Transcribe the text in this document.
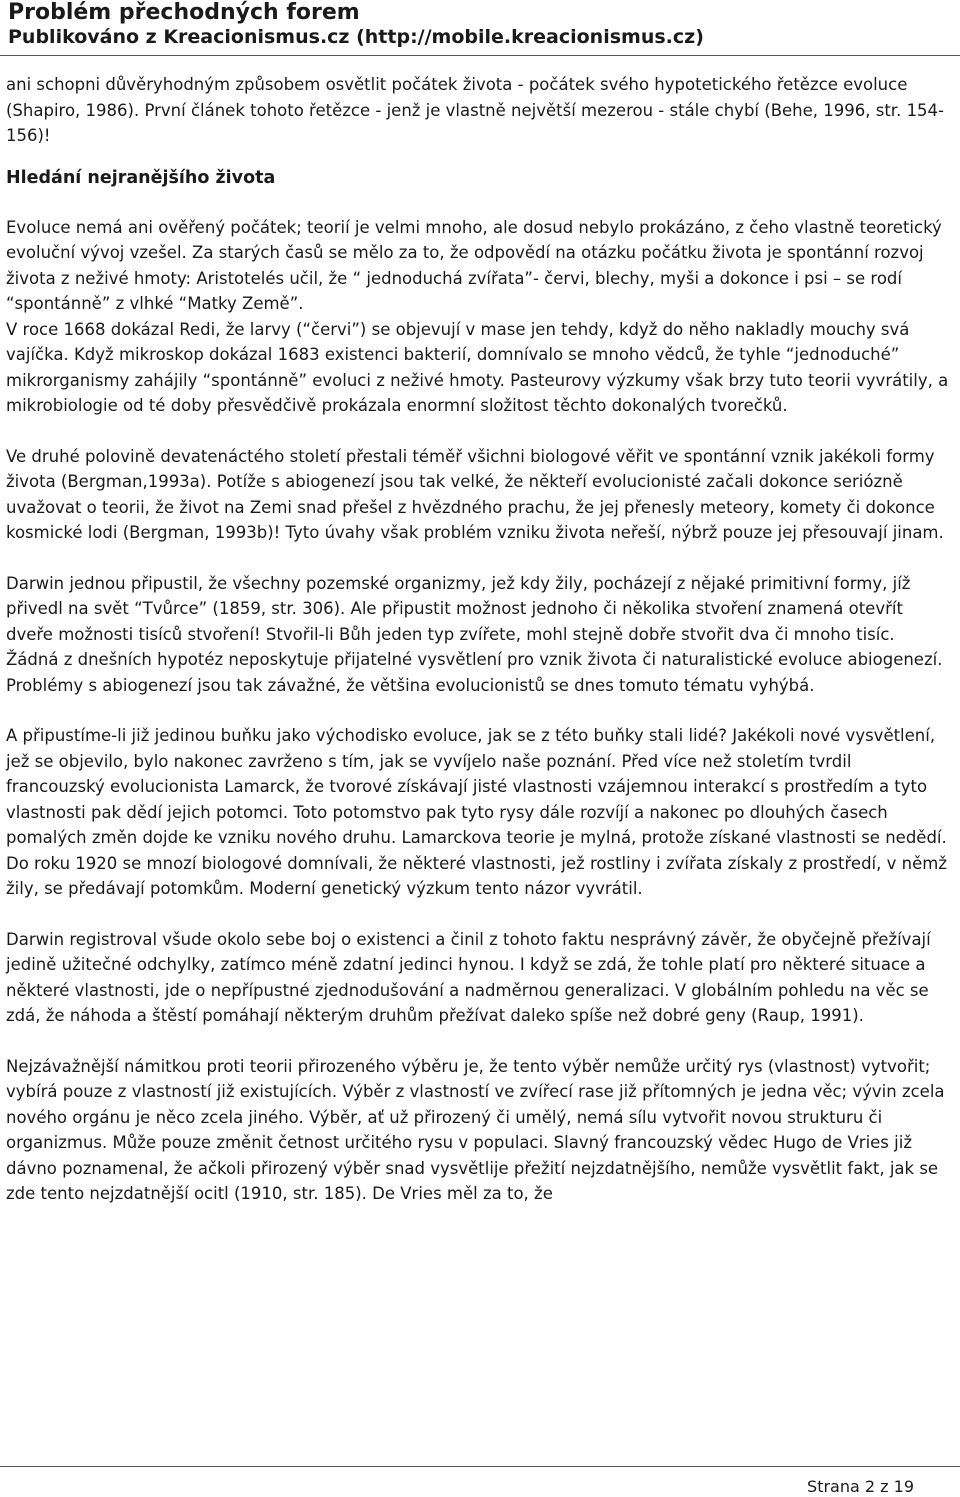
Problém přechodných forem
Publikováno z Kreacionismus.cz (http://mobile.kreacionismus.cz)

ani schopni důvěryhodným způsobem osvětlit počátek života - počátek svého hypotetického řetězce evoluce (Shapiro, 1986). První článek tohoto řetězce - jenž je vlastně největší mezerou - stále chybí (Behe, 1996, str. 154-156)!

Hledání nejranějšího života

Evoluce nemá ani ověřený počátek; teorií je velmi mnoho, ale dosud nebylo prokázáno, z čeho vlastně teoretický evoluční vývoj vzešel. Za starých časů se mělo za to, že odpovědí na otázku počátku života je spontánní rozvoj života z neživé hmoty: Aristotelés učil, že “ jednoduchá zvířata”- červi, blechy, myši a dokonce i psi – se rodí “spontánně” z vlhké “Matky Země”.

V roce 1668 dokázal Redi, že larvy (“červi”) se objevují v mase jen tehdy, když do něho nakladly mouchy svá vajíčka. Když mikroskop dokázal 1683 existenci bakterií, domnívalo se mnoho vědců, že tyhle “jednoduché” mikrorganismy zahájily “spontánně” evoluci z neživé hmoty. Pasteurovy výzkumy však brzy tuto teorii vyvrátily, a mikrobiologie od té doby přesvědčivě prokázala enormní složitost těchto dokonalých tvorečků.

Ve druhé polovině devatenáctého století přestali téměř všichni biologové věřit ve spontánní vznik jakékoli formy života (Bergman,1993a). Potíže s abiogenezí jsou tak velké, že někteří evolucionisté začali dokonce seriózně uvažovat o teorii, že život na Zemi snad přešel z hvězdného prachu, že jej přenesly meteory, komety či dokonce kosmické lodi (Bergman, 1993b)! Tyto úvahy však problém vzniku života neřeší, nýbrž pouze jej přesouvají jinam.

Darwin jednou připustil, že všechny pozemské organizmy, jež kdy žily, pocházejí z nějaké primitivní formy, jíž přivedl na svět “Tvůrce” (1859, str. 306). Ale připustit možnost jednoho či několika stvoření znamená otevřít dveře možnosti tisíců stvoření! Stvořil-li Bůh jeden typ zvířete, mohl stejně dobře stvořit dva či mnoho tisíc. Žádná z dnešních hypotéz neposkytuje přijatelné vysvětlení pro vznik života či naturalistické evoluce abiogenezí. Problémy s abiogenezí jsou tak závažné, že většina evolucionistů se dnes tomuto tématu vyhýbá.

A připustíme-li již jedinou buňku jako východisko evoluce, jak se z této buňky stali lidé? Jakékoli nové vysvětlení, jež se objevilo, bylo nakonec zavrženo s tím, jak se vyvíjelo naše poznání. Před více než stoletím tvrdil francouzský evolucionista Lamarck, že tvorové získávají jisté vlastnosti vzájemnou interakcí s prostředím a tyto vlastnosti pak dědí jejich potomci. Toto potomstvo pak tyto rysy dále rozvíjí a nakonec po dlouhých časech pomalých změn dojde ke vzniku nového druhu. Lamarckova teorie je mylná, protože získané vlastnosti se nedědí. Do roku 1920 se mnozí biologové domnívali, že některé vlastnosti, jež rostliny i zvířata získaly z prostředí, v němž žily, se předávají potomkům. Moderní genetický výzkum tento názor vyvrátil.

Darwin registroval všude okolo sebe boj o existenci a činil z tohoto faktu nesprávný závěr, že obyčejně přežívají jedině užitečné odchylky, zatímco méně zdatní jedinci hynou. I když se zdá, že tohle platí pro některé situace a některé vlastnosti, jde o nepřípustné zjednodušování a nadměrnou generalizaci. V globálním pohledu na věc se zdá, že náhoda a štěstí pomáhají některým druhům přežívat daleko spíše než dobré geny (Raup, 1991).

Nejzávažnější námitkou proti teorii přirozeného výběru je, že tento výběr nemůže určitý rys (vlastnost) vytvořit; vybírá pouze z vlastností již existujících. Výběr z vlastností ve zvířecí rase již přítomných je jedna věc; vývin zcela nového orgánu je něco zcela jiného. Výběr, ať už přirozený či umělý, nemá sílu vytvořit novou strukturu či organizmus. Může pouze změnit četnost určitého rysu v populaci. Slavný francouzský vědec Hugo de Vries již dávno poznamenal, že ačkoli přirozený výběr snad vysvětlije přežití nejzdatnějšího, nemůže vysvětlit fakt, jak se zde tento nejzdatnější ocitl (1910, str. 185). De Vries měl za to, že

Strana 2 z 19
